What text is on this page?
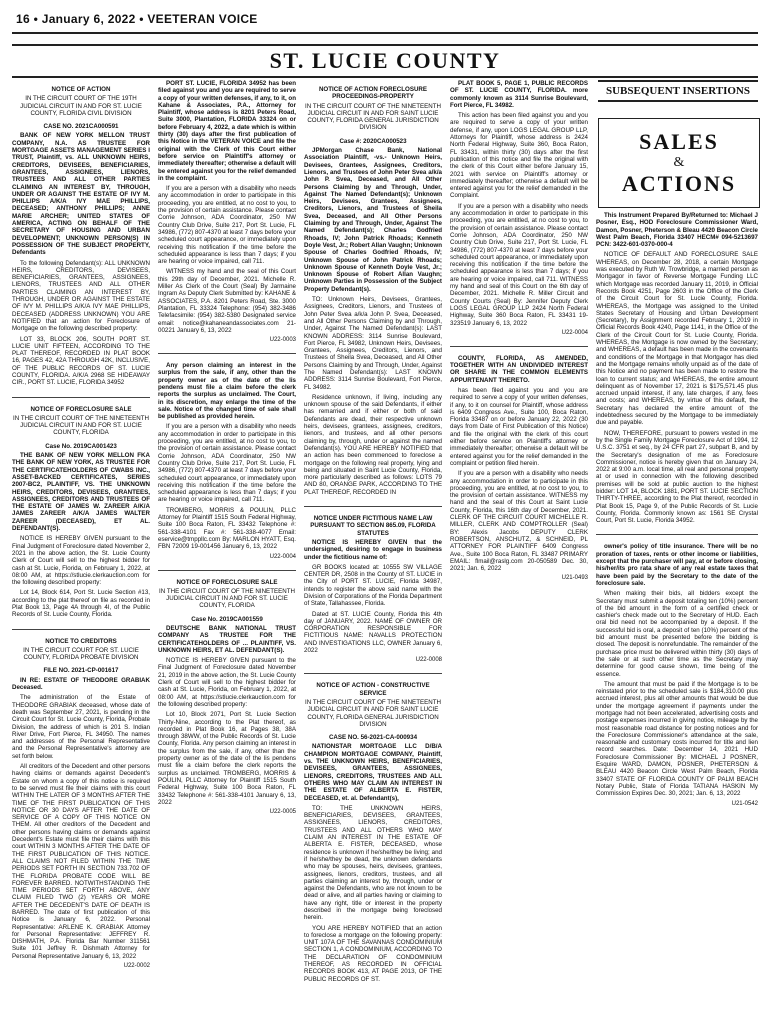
16 • January 6, 2022 • VEETERAN VOICE
ST. LUCIE COUNTY
SUBSEQUENT INSERTIONS
SALES
&
ACTIONS
NOTICE OF ACTION
IN THE CIRCUIT COURT OF THE 19TH JUDICIAL CIRCUIT IN AND FOR ST. LUCIE COUNTY, FLORIDA CIVIL DIVISION
CASE NO. 2021CA000591
BANK OF NEW YORK MELLON TRUST COMPANY, N.A. AS TRUSTEE FOR MORTGAGE ASSETS MANAGEMENT SERIES I TRUST, Plaintiff, vs. ALL UNKNOWN HEIRS, CREDITORS, DEVISEES, BENEFICIARIES, GRANTEES, ASSIGNEES, LIENORS, TRUSTEES AND ALL OTHER PARTIES CLAIMING AN INTEREST BY, THROUGH, UNDER OR AGAINST THE ESTATE OF IVY M. PHILLIPS A/K/A IVY MAE PHILLIPS, DECEASED; ANTHONY PHILLIPS; ANNE MARIE ARCHER; UNITED STATES OF AMERICA, ACTING ON BEHALF OF THE SECRETARY OF HOUSING AND URBAN DEVELOPMENT; UNKNOWN PERSON(S) IN POSSESSION OF THE SUBJECT PROPERTY, Defendants
To the following Defendant(s): ALL UNKNOWN HEIRS, CREDITORS, DEVISEES, BENEFICIARIES, GRANTEES, ASSIGNEES, LIENORS, TRUSTEES AND ALL OTHER PARTIES CLAIMING AN INTEREST BY, THROUGH, UNDER OR AGAINST THE ESTATE OF IVY M. PHILLIPS A/K/A IVY MAE PHILLIPS, DECEASED (ADDRESS UNKNOWN) YOU ARE NOTIFIED that an action for Foreclosure of Mortgage on the following described property:
LOT 33, BLOCK 206, SOUTH PORT ST. LUCIE UNIT FIFTEEN, ACCORDING TO THE PLAT THEREOF, RECORDED IN PLAT BOOK 16, PAGES 42, 42A THROUGH 42K, INCLUSIVE, OF THE PUBLIC RECORDS OF ST. LUCIE COUNTY, FLORIDA. A/K/A 2968 SE HIDEAWAY CIR., PORT ST. LUCIE, FLORIDA 34952
NOTICE OF FORECLOSURE SALE
IN THE CIRCUIT COURT OF THE NINETEENTH JUDICIAL CIRCUIT IN AND FOR ST. LUCIE COUNTY, FLORIDA
Case No. 2019CA001423
THE BANK OF NEW YORK MELLON FKA THE BANK OF NEW YORK, AS TRUSTEE FOR THE CERTIFICATEHOLDERS OF CWABS INC., ASSET-BACKED CERTIFICATES, SERIES 2007-BC2, PLAINTIFF, VS. THE UNKNOWN HEIRS, CREDITORS, DEVISEES, GRANTEES, ASSIGNEES, CREDITORS AND TRUSTEES OF THE ESTATE OF JAMES W. ZAREER A/K/A JAMES ZAREER A/K/A JAMES WALTER ZAREER (DECEASED), ET AL. DEFENDANT(S).
NOTICE IS HEREBY GIVEN pursuant to the Final Judgment of Foreclosure dated November 2, 2021 in the above action, the St. Lucie County Clerk of Court will sell to the highest bidder for cash at St. Lucie, Florida, on February 1, 2022, at 08:00 AM, at https://stlucie.clerkauction.com for the following described property:
Lot 14, Block 614, Port St. Lucie Section #13, according to the plat thereof on file as recorded in Plat Book 13, Page 4A through 4I, of the Public Records of St. Lucie County, Florida.
NOTICE TO CREDITORS
IN THE CIRCUIT COURT FOR ST. LUCIE COUNTY, FLORIDA PROBATE DIVISION
FILE NO. 2021-CP-001617
IN RE: ESTATE OF THEODORE GRABIAK Deceased.
The administration of the Estate of THEODORE GRABIAK deceased, whose date of death was September 27, 2021, is pending in the Circuit Court for St. Lucie County, Florida, Probate Division, the address of which is 201 S. Indian River Drive, Fort Pierce, FL 34950. The names and addresses of the Personal Representative and the Personal Representative's attorney are set forth below.
All creditors of the Decedent and other persons having claims or demands against Decedent's Estate on whom a copy of this notice is required to be served must file their claims with this court WITHIN THE LATER OF 3 MONTHS AFTER THE TIME OF THE FIRST PUBLICATION OF THIS NOTICE OR 30 DAYS AFTER THE DATE OF SERVICE OF A COPY OF THIS NOTICE ON THEM. All other creditors of the Decedent and other persons having claims or demands against Decedent's Estate must file their claims with this court WITHIN 3 MONTHS AFTER THE DATE OF THE FIRST PUBLICATION OF THIS NOTICE. ALL CLAIMS NOT FILED WITHIN THE TIME PERIODS SET FORTH IN SECTION 733.702 OF THE FLORIDA PROBATE CODE WILL BE FOREVER BARRED. NOTWITHSTANDING THE TIME PERIODS SET FORTH ABOVE, ANY CLAIM FILED TWO (2) YEARS OR MORE AFTER THE DECEDENT'S DATE OF DEATH IS BARRED. The date of first publication of this Notice is January 6, 2022. Personal Representative: ARLENE K. GRABIAK Attorney for Personal Representative: JEFFREY R. DISHMATH, P.A. Florida Bar Number 311561 Suite 101 Jeffrey R. Dishmath Attorney for Personal Representative January 6, 13, 2022
U22-0002
PORT ST. LUCIE, FLORIDA 34952 has been filed against you and you are required to serve a copy of your written defenses, if any, to it, on Kahane & Associates, P.A., Attorney for Plaintiff, whose address is 8201 Peters Road, Suite 3000, Plantation, FLORIDA 33324 on or before February 4, 2022, a date which is within thirty (30) days after the first publication of this Notice in the VETERAN VOICE and file the original with the Clerk of this Court either before service on Plaintiff's attorney or immediately thereafter; otherwise a default will be entered against you for the relief demanded in the complaint.
If you are a person with a disability who needs any accommodation in order to participate in this proceeding, you are entitled, at no cost to you, to the provision of certain assistance. Please contact Corrie Johnson, ADA Coordinator, 250 NW Country Club Drive, Suite 217, Port St. Lucie, FL 34986, (772) 807-4370 at least 7 days before your scheduled court appearance, or immediately upon receiving this notification if the time before the scheduled appearance is less than 7 days; if you are hearing or voice impaired, call 711.
WITNESS my hand and the seal of this Court this 29th day of December, 2021. Michelle R. Miller As Clerk of the Court (Seal) By Jarmaine Ingram As Deputy Clerk Submitted by: KAHANE & ASSOCIATES, P.A. 8201 Peters Road, Ste. 3000 Plantation, FL 33324 Telephone: (954) 382-3486 Telefacsimile: (954) 382-5380 Designated service email: notice@kahaneandassociates.com 21-00221 January 6, 13, 2022
U22-0003
Any person claiming an interest in the surplus from the sale, if any, other than the property owner as of the date of the lis pendens must file a claim before the clerk reports the surplus as unclaimed. The Court, in its discretion, may enlarge the time of the sale. Notice of the changed time of sale shall be published as provided herein.
If you are a person with a disability who needs any accommodation in order to participate in this proceeding, you are entitled, at no cost to you, to the provision of certain assistance. Please contact Corrie Johnson, ADA Coordinator, 250 NW Country Club Drive, Suite 217, Port St. Lucie, FL 34986, (772) 807-4370 at least 7 days before your scheduled court appearance, or immediately upon receiving this notification if the time before the scheduled appearance is less than 7 days; if you are hearing or voice impaired, call 711.
TROMBERG, MORRIS & POULIN, PLLC Attorney for Plaintiff 1515 South Federal Highway, Suite 100 Boca Raton, FL 33432 Telephone #: 561-338-4101 Fax #: 561-338-4077 Email: eservice@tmppllc.com By: MARLON HYATT, Esq. FBN 72009 19-001456 January 6, 13, 2022
U22-0004
NOTICE OF FORECLOSURE SALE
IN THE CIRCUIT COURT OF THE NINETEENTH JUDICIAL CIRCUIT IN AND FOR ST. LUCIE COUNTY, FLORIDA
Case No. 2019CA001559
DEUTSCHE BANK NATIONAL TRUST COMPANY AS TRUSTEE FOR THE CERTIFICATEHOLDERS OF ... PLAINTIFF, VS. UNKNOWN HEIRS, ET AL. DEFENDANT(S).
NOTICE IS HEREBY GIVEN pursuant to the Final Judgment of Foreclosure dated November 21, 2019 in the above action, the St. Lucie County Clerk of Court will sell to the highest bidder for cash at St. Lucie, Florida, on February 1, 2022, at 08:00 AM, at https://stlucie.clerkauction.com for the following described property:
Lot 10, Block 2071, Port St. Lucie Section Thirty-Nine, according to the Plat thereof, as recorded in Plat Book 16, at Pages 38, 38A through 38WW, of the Public Records of St. Lucie County, Florida. Any person claiming an interest in the surplus from the sale, if any, other than the property owner as of the date of the lis pendens must file a claim before the clerk reports the surplus as unclaimed. TROMBERG, MORRIS & POULIN, PLLC Attorney for Plaintiff 1515 South Federal Highway, Suite 100 Boca Raton, FL 33432 Telephone #: 561-338-4101 January 6, 13, 2022
U22-0005
NOTICE OF ACTION FORECLOSURE PROCEEDINGS-PROPERTY
IN THE CIRCUIT COURT OF THE NINETEENTH JUDICIAL CIRCUIT IN AND FOR SAINT LUCIE COUNTY, FLORIDA GENERAL JURISDICTION DIVISION
Case #: 2020CA000523
JPMorgan Chase Bank, National Association Plaintiff, -vs.- Unknown Heirs, Devisees, Grantees, Assignees, Creditors, Lienors, and Trustees of John Peter Svea a/k/a John P. Svea, Deceased, and All Other Persons Claiming by and Through, Under, Against The Named Defendant(s); Unknown Heirs, Devisees, Grantees, Assignees, Creditors, Lienors, and Trustees of Sheila Svea, Deceased, and All Other Persons Claiming by and Through, Under, Against The Named Defendant(s); Charles Godfried Rhoads, IV; John Patrick Rhoads; Kenneth Doyle Vest, Jr.; Robert Allan Vaughn; Unknown Spouse of Charles Godfried Rhoads, IV; Unknown Spouse of John Patrick Rhoads; Unknown Spouse of Kenneth Doyle Vest, Jr.; Unknown Spouse of Robert Allan Vaughn; Unknown Parties in Possession of the Subject Property Defendant(s).
TO: Unknown Heirs, Devisees, Grantees, Assignees, Creditors, Lienors, and Trustees of John Peter Svea a/k/a John P. Svea, Deceased, and All Other Persons Claiming by and Through, Under, Against The Named Defendant(s): LAST KNOWN ADDRESS: 3114 Sunrise Boulevard, Fort Pierce, FL 34982, Unknown Heirs, Devisees, Grantees, Assignees, Creditors, Lienors, and Trustees of Sheila Svea, Deceased, and All Other Persons Claiming by and Through, Under, Against The Named Defendant(s): LAST KNOWN ADDRESS: 3114 Sunrise Boulevard, Fort Pierce, FL 34982.
Residence unknown, if living, including any unknown spouse of the said Defendants, if either has remarried and if either or both of said Defendants are dead, their respective unknown heirs, devisees, grantees, assignees, creditors, lienors, and trustees, and all other persons claiming by, through, under or against the named Defendant(s). YOU ARE HEREBY NOTIFIED that an action has been commenced to foreclose a mortgage on the following real property, lying and being and situated in Saint Lucie County, Florida, more particularly described as follows: LOTS 79 AND 80, ORANGE PARK, ACCORDING TO THE PLAT THEREOF, RECORDED IN
NOTICE UNDER FICTITIOUS NAME LAW PURSUANT TO SECTION 865.09, FLORIDA STATUTES
NOTICE IS HEREBY GIVEN that the undersigned, desiring to engage in business under the fictitious name of:
GR BOOKS located at: 10555 SW VILLAGE CENTER DR, 2508 in the County of ST. LUCIE in the City of PORT ST. LUCIE, Florida 34987, intends to register the above said name with the Division of Corporations of the Florida Department of State, Tallahassee, Florida.
Dated at ST. LUCIE County, Florida this 4th day of JANUARY, 2022. NAME OF OWNER OR CORPORATION RESPONSIBLE FOR FICTITIOUS NAME: NAVALLS PROTECTION AND INVESTIGATIONS LLC, OWNER January 6, 2022
U22-0008
NOTICE OF ACTION - CONSTRUCTIVE SERVICE
IN THE CIRCUIT COURT OF THE NINETEENTH JUDICIAL CIRCUIT IN AND FOR SAINT LUCIE COUNTY, FLORIDA GENERAL JURISDICTION DIVISION
CASE NO. 56-2021-CA-000934
NATIONSTAR MORTGAGE LLC D/B/A CHAMPION MORTGAGE COMPANY, Plaintiff, vs. THE UNKNOWN HEIRS, BENEFICIARIES, DEVISEES, GRANTEES, ASSIGNEES, LIENORS, CREDITORS, TRUSTEES AND ALL OTHERS WHO MAY CLAIM AN INTEREST IN THE ESTATE OF ALBERTA E. FISTER, DECEASED, et. al. Defendant(s),
TO: THE UNKNOWN HEIRS, BENEFICIARIES, DEVISEES, GRANTEES, ASSIGNEES, LIENORS, CREDITORS, TRUSTEES AND ALL OTHERS WHO MAY CLAIM AN INTEREST IN THE ESTATE OF ALBERTA E. FISTER, DECEASED, whose residence is unknown if he/she/they be living; and if he/she/they be dead, the unknown defendants who may be spouses, heirs, devisees, grantees, assignees, lienors, creditors, trustees, and all parties claiming an interest by, through, under or against the Defendants, who are not known to be dead or alive, and all parties having or claiming to have any right, title or interest in the property described in the mortgage being foreclosed herein.
YOU ARE HEREBY NOTIFIED that an action to foreclose a mortgage on the following property: UNIT 107A OF THE SAVANNAS CONDOMINIUM SECTION 1, A CONDOMINIUM, ACCORDING TO THE DECLARATION OF CONDOMINIUM THEREOF, AS RECORDED IN OFFICIAL RECORDS BOOK 413, AT PAGE 2013, OF THE PUBLIC RECORDS OF ST.
PLAT BOOK 5, PAGE 1, PUBLIC RECORDS OF ST. LUCIE COUNTY, FLORIDA. more commonly known as 3114 Sunrise Boulevard, Fort Pierce, FL 34982.
This action has been filed against you and you are required to serve a copy of your written defense, if any, upon LOGS LEGAL GROUP LLP, Attorneys for Plaintiff, whose address is 2424 North Federal Highway, Suite 360, Boca Raton, FL 33431, within thirty (30) days after the first publication of this notice and file the original with the clerk of this Court either before January 15, 2021 with service on Plaintiff's attorney or immediately thereafter; otherwise a default will be entered against you for the relief demanded in the Complaint.
If you are a person with a disability who needs any accommodation in order to participate in this proceeding, you are entitled, at no cost to you, to the provision of certain assistance. Please contact Corrie Johnson, ADA Coordinator, 250 NW Country Club Drive, Suite 217, Port St. Lucie, FL 34986, (772) 807-4370 at least 7 days before your scheduled court appearance, or immediately upon receiving this notification if the time before the scheduled appearance is less than 7 days; if you are hearing or voice impaired, call 711. WITNESS my hand and seal of this Court on the 6th day of December, 2021. Michelle R. Miller Circuit and County Courts (Seal) By: Jennifer Deputy Clerk LOGS LEGAL GROUP LLP 2424 North Federal Highway, Suite 360 Boca Raton, FL 33431 19-323519 January 6, 13, 2022
U22-0004
COUNTY, FLORIDA, AS AMENDED, TOGETHER WITH AN UNDIVIDED INTEREST OR SHARE IN THE COMMON ELEMENTS APPURTENANT THERETO.
has been filed against you and you are required to serve a copy of your written defenses, if any, to it on counsel for Plaintiff, whose address is 6409 Congress Ave., Suite 100, Boca Raton, Florida 33487 on or before January 22, 2022 (30 days from Date of First Publication of this Notice) and file the original with the clerk of this court either before service on Plaintiff's attorney or immediately thereafter; otherwise a default will be entered against you for the relief demanded in the complaint or petition filed herein.
If you are a person with a disability who needs any accommodation in order to participate in this proceeding, you are entitled, at no cost to you, to the provision of certain assistance. WITNESS my hand and the seal of this Court at Saint Lucie County, Florida, this 16th day of December, 2021. CLERK OF THE CIRCUIT COURT MICHELLE R. MILLER, CLERK AND COMPTROLLER (Seal) BY: Alexis Jacobs DEPUTY CLERK ROBERTSON, ANSCHUTZ, & SCHNEID, PL ATTORNEY FOR PLAINTIFF 6409 Congress Ave., Suite 100 Boca Raton, FL 33487 PRIMARY EMAIL: flmail@raslg.com 20-050589 Dec. 30, 2021; Jan. 6, 2022
U21-0493
This Instrument Prepared By/Returned to: Michael J Posner, Esq., HOD Foreclosure Commissioner Ward, Damon, Posner, Pheterson & Bleau 4420 Beacon Circle West Palm Beach, Florida 33407 HECM# 094-5213697 PCN: 3422-601-0370-000-4
NOTICE OF DEFAULT AND FORECLOSURE SALE WHEREAS, on December 28, 2018, a certain Mortgage was executed by Ruth W. Trowbridge, a married person as Mortgagor in favor of Reverse Mortgage Funding LLC which Mortgage was recorded January 11, 2019, in Official Records Book 4251, Page 2603 in the Office of the Clerk of the Circuit Court for St. Lucie County, Florida. WHEREAS, the Mortgage was assigned to the United States Secretary of Housing and Urban Development (Secretary), by Assignment recorded February 1, 2019 in Official Records Book 4240, Page 1141, in the Office of the Clerk of the Circuit Court for St. Lucie County, Florida. WHEREAS, the Mortgage is now owned by the Secretary; and WHEREAS, a default has been made in the covenants and conditions of the Mortgage in that Mortgagor has died and the Mortgage remains wholly unpaid as of the date of this Notice and no payment has been made to restore the loan to current status; and WHEREAS, the entire amount delinquent as of November 17, 2021 is $175,571.45 plus accrued unpaid interest, if any, late charges, if any, fees and costs; and WHEREAS, by virtue of this default, the Secretary has declared the entire amount of the indebtedness secured by the Mortgage to be immediately due and payable.
NOW, THEREFORE, pursuant to powers vested in me by the Single Family Mortgage Foreclosure Act of 1994, 12 U.S.C. 3751 et seq., by 24 CFR part 27, subpart B, and by the Secretary's designation of me as Foreclosure Commissioner, notice is hereby given that on January 24, 2022 at 9:00 a.m. local time, all real and personal property at or used in connection with the following described premises will be sold at public auction to the highest bidder: LOT 14, BLOCK 1881, PORT ST. LUCIE SECTION THIRTY-THREE, according to the Plat thereof, recorded in Plat Book 15, Page 9, of the Public Records of St. Lucie County, Florida. Commonly known as: 1561 SE Crystal Court, Port St. Lucie, Florida 34952.
owner's policy of title insurance. There will be no proration of taxes, rents or other income or liabilities, except that the purchaser will pay, at or before closing, his/her/its pro rata share of any real estate taxes that have been paid by the Secretary to the date of the foreclosure sale.
When making their bids, all bidders except the Secretary must submit a deposit totaling ten (10%) percent of the bid amount in the form of a certified check or cashier's check made out to the Secretary of HUD. Each oral bid need not be accompanied by a deposit. If the successful bid is oral, a deposit of ten (10%) percent of the bid amount must be presented before the bidding is closed. The deposit is nonrefundable. The remainder of the purchase price must be delivered within thirty (30) days of the sale or at such other time as the Secretary may determine for good cause shown, time being of the essence.
The amount that must be paid if the Mortgage is to be reinstated prior to the scheduled sale is $184,310.00 plus accrued interest, plus all other amounts that would be due under the mortgage agreement if payments under the mortgage had not been accelerated, advertising costs and postage expenses incurred in giving notice, mileage by the most reasonable road distance for posting notices and for the Foreclosure Commissioner's attendance at the sale, reasonable and customary costs incurred for title and lien record searches. Date: December 14, 2021 HUD Foreclosure Commissioner By: MICHAEL J POSNER, Esquire WARD, DAMON, POSNER, PHETERSON & BLEAU 4420 Beacon Circle West Palm Beach, Florida 33407 STATE OF FLORIDA COUNTY OF PALM BEACH Notary Public, State of Florida TATIANA HASKIN My Commission Expires Dec. 30, 2021; Jan. 6, 13, 2022
U21-0542
